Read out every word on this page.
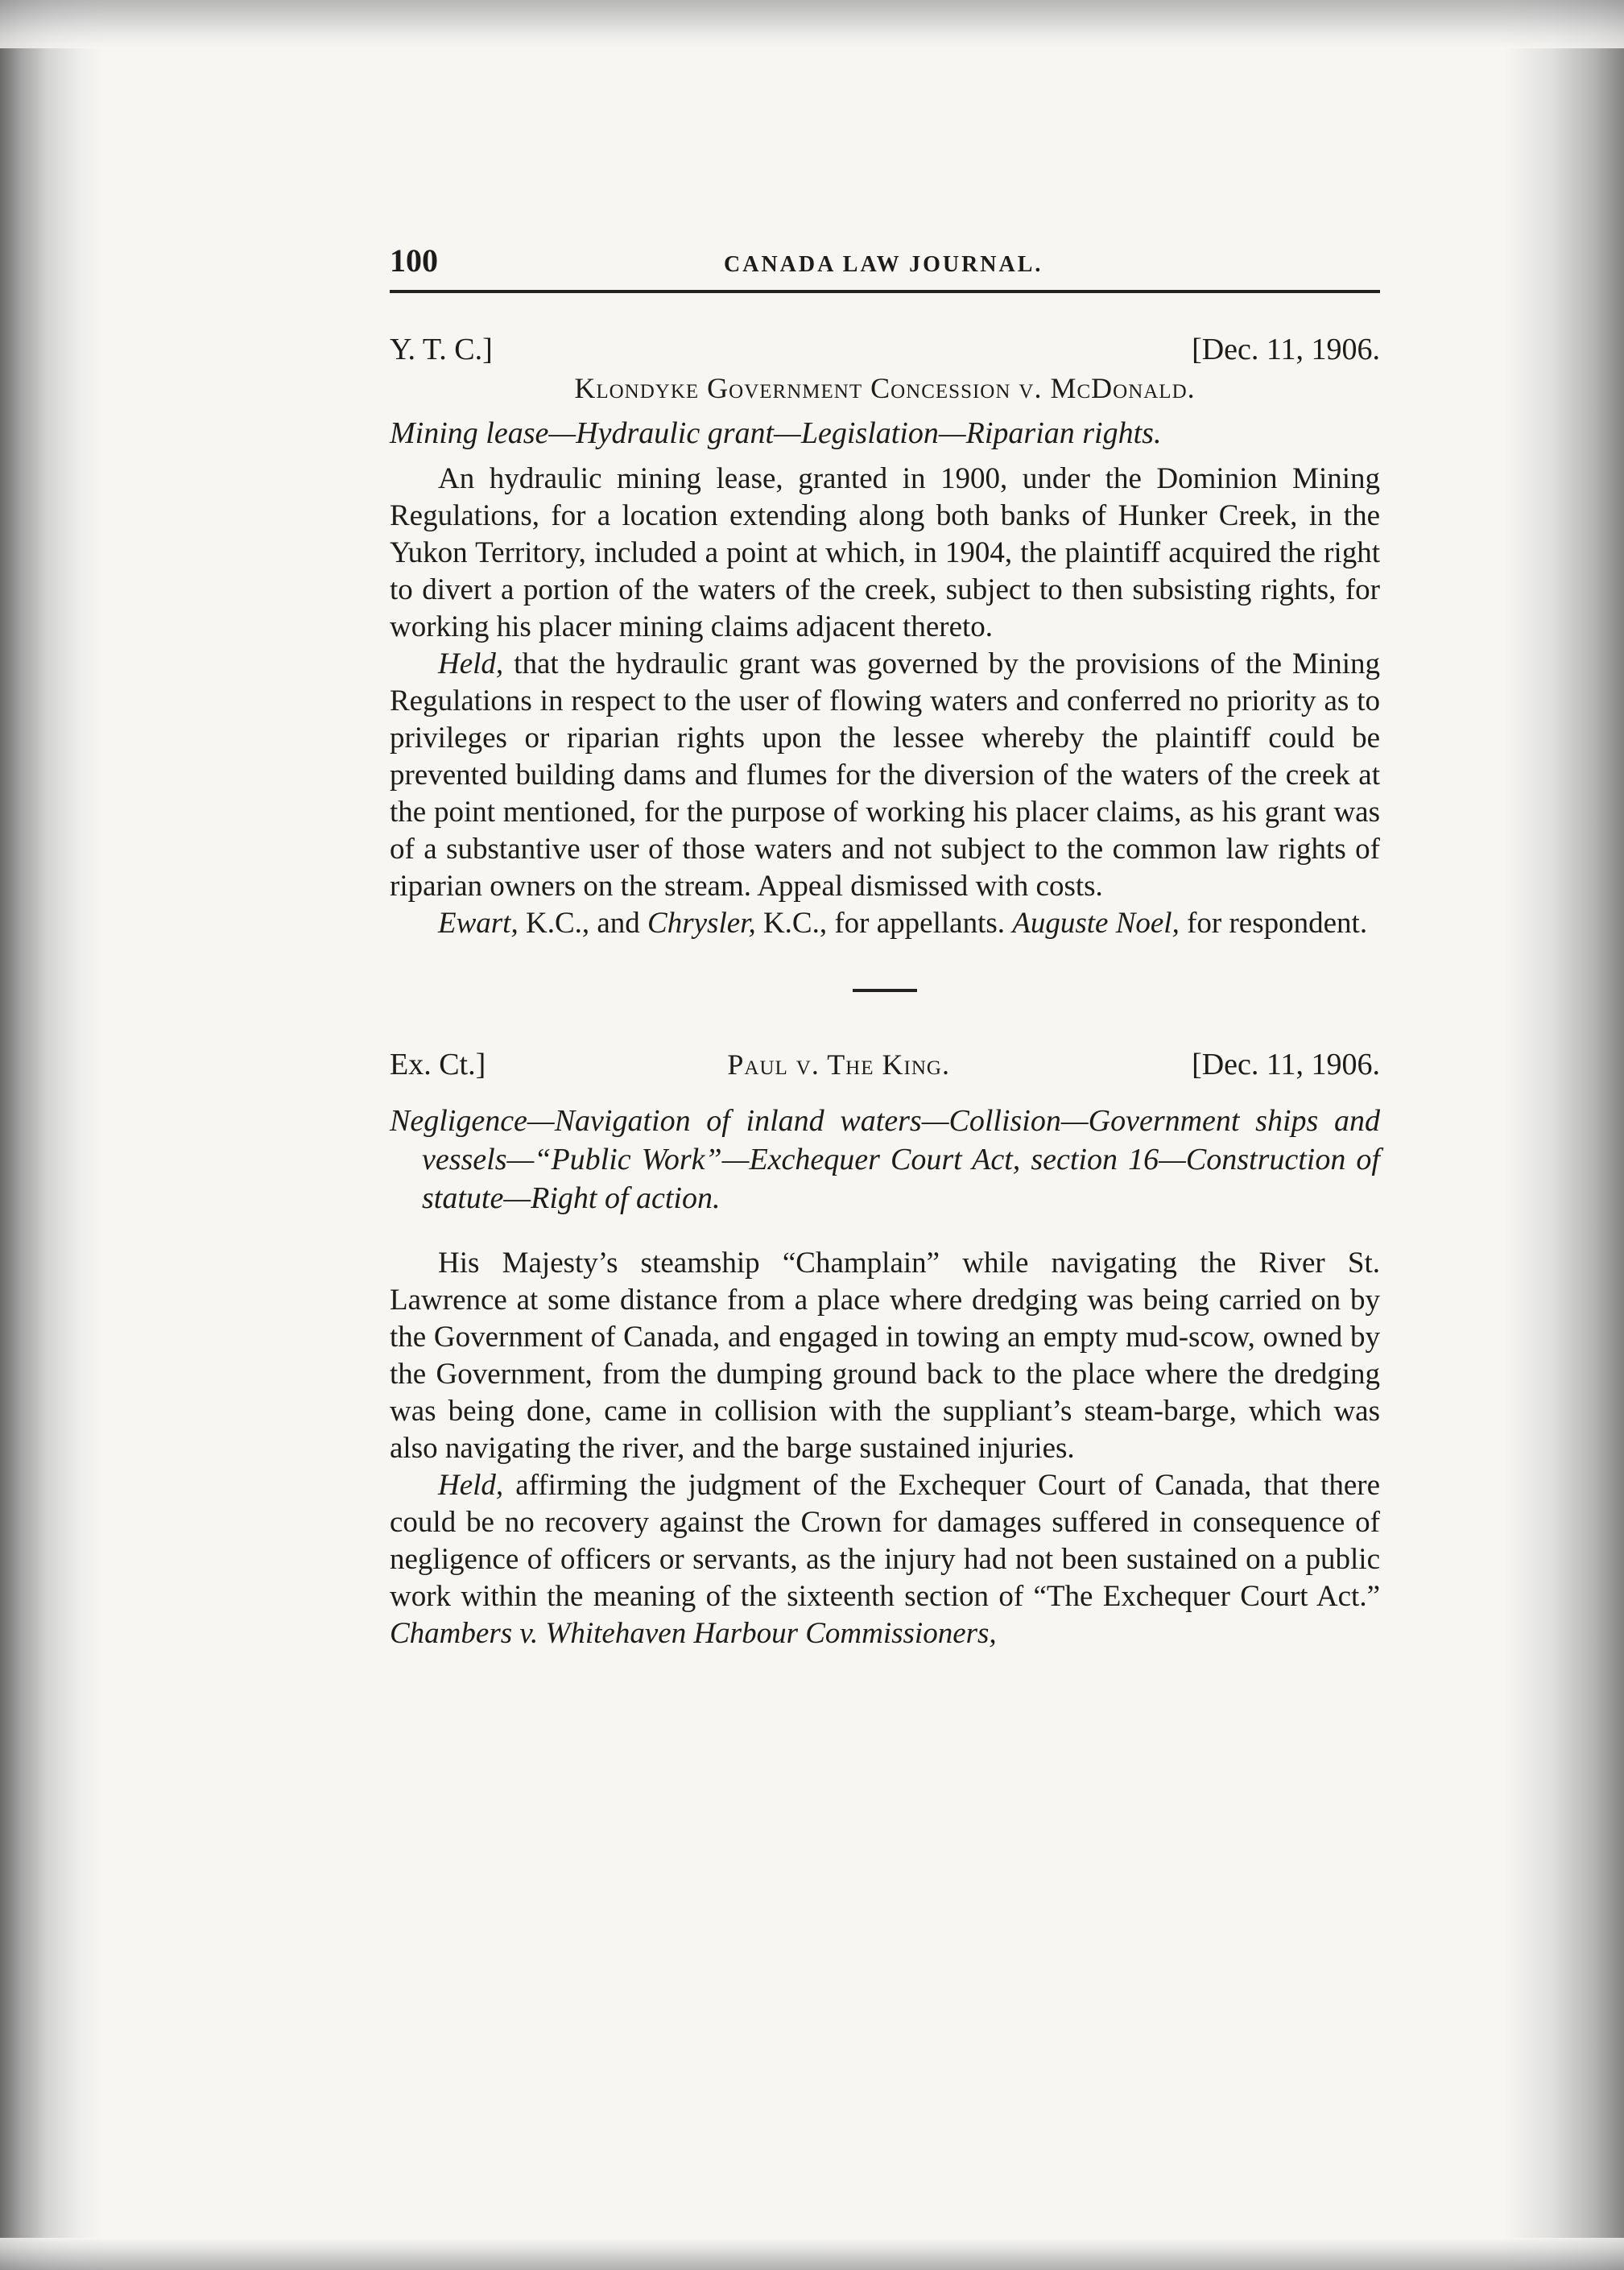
100	CANADA LAW JOURNAL.
Y. T. C.]	[Dec. 11, 1906.
Klondyke Government Concession v. McDonald.
Mining lease—Hydraulic grant—Legislation—Riparian rights.

An hydraulic mining lease, granted in 1900, under the Dominion Mining Regulations, for a location extending along both banks of Hunker Creek, in the Yukon Territory, included a point at which, in 1904, the plaintiff acquired the right to divert a portion of the waters of the creek, subject to then subsisting rights, for working his placer mining claims adjacent thereto.

Held, that the hydraulic grant was governed by the provisions of the Mining Regulations in respect to the user of flowing waters and conferred no priority as to privileges or riparian rights upon the lessee whereby the plaintiff could be prevented building dams and flumes for the diversion of the waters of the creek at the point mentioned, for the purpose of working his placer claims, as his grant was of a substantive user of those waters and not subject to the common law rights of riparian owners on the stream. Appeal dismissed with costs.

Ewart, K.C., and Chrysler, K.C., for appellants. Auguste Noel, for respondent.

Ex. Ct.]	Paul v. The King.	[Dec. 11, 1906.
Negligence—Navigation of inland waters—Collision—Government ships and vessels—“Public Work”—Exchequer Court Act, section 16—Construction of statute—Right of action.

His Majesty’s steamship “Champlain” while navigating the River St. Lawrence at some distance from a place where dredging was being carried on by the Government of Canada, and engaged in towing an empty mud-scow, owned by the Government, from the dumping ground back to the place where the dredging was being done, came in collision with the suppliant’s steam-barge, which was also navigating the river, and the barge sustained injuries.

Held, affirming the judgment of the Exchequer Court of Canada, that there could be no recovery against the Crown for damages suffered in consequence of negligence of officers or servants, as the injury had not been sustained on a public work within the meaning of the sixteenth section of “The Exchequer Court Act.” Chambers v. Whitehaven Harbour Commissioners,
